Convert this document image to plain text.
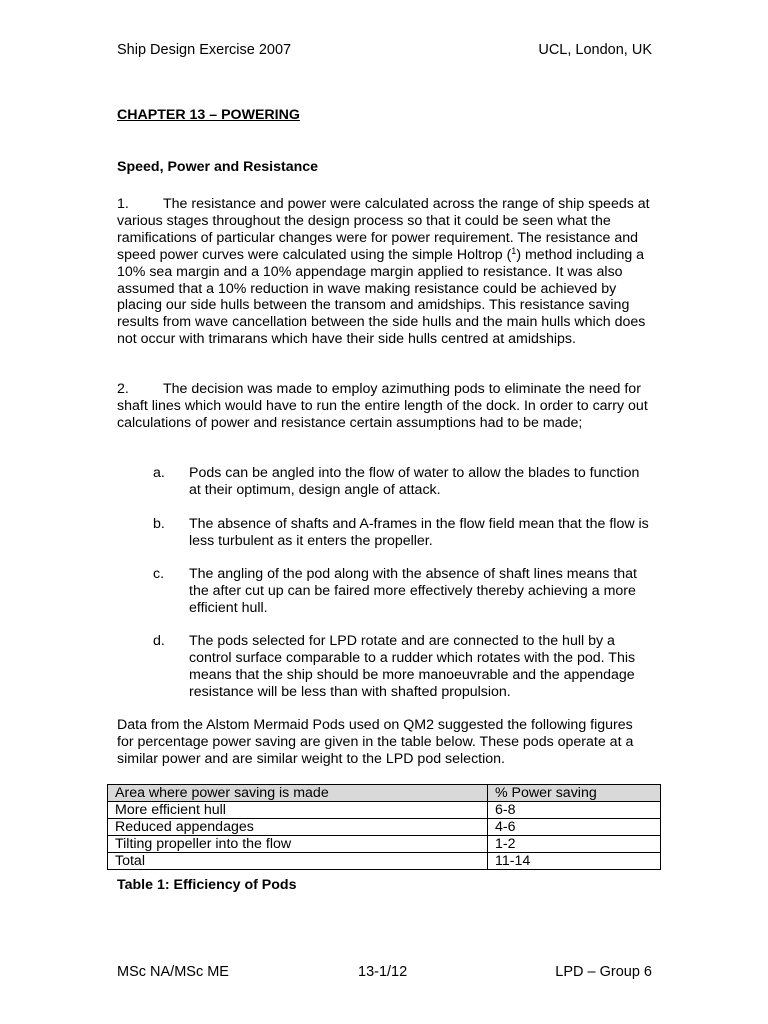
Ship Design Exercise 2007	UCL, London, UK
CHAPTER 13 – POWERING
Speed, Power and Resistance
1. The resistance and power were calculated across the range of ship speeds at various stages throughout the design process so that it could be seen what the ramifications of particular changes were for power requirement. The resistance and speed power curves were calculated using the simple Holtrop ($^1$) method including a 10% sea margin and a 10% appendage margin applied to resistance. It was also assumed that a 10% reduction in wave making resistance could be achieved by placing our side hulls between the transom and amidships. This resistance saving results from wave cancellation between the side hulls and the main hulls which does not occur with trimarans which have their side hulls centred at amidships.
2. The decision was made to employ azimuthing pods to eliminate the need for shaft lines which would have to run the entire length of the dock. In order to carry out calculations of power and resistance certain assumptions had to be made;
a.	Pods can be angled into the flow of water to allow the blades to function at their optimum, design angle of attack.
b.	The absence of shafts and A-frames in the flow field mean that the flow is less turbulent as it enters the propeller.
c.	The angling of the pod along with the absence of shaft lines means that the after cut up can be faired more effectively thereby achieving a more efficient hull.
d.	The pods selected for LPD rotate and are connected to the hull by a control surface comparable to a rudder which rotates with the pod. This means that the ship should be more manoeuvrable and the appendage resistance will be less than with shafted propulsion.
Data from the Alstom Mermaid Pods used on QM2 suggested the following figures for percentage power saving are given in the table below. These pods operate at a similar power and are similar weight to the LPD pod selection.
Area where power saving is made	% Power saving
More efficient hull	6-8
Reduced appendages	4-6
Tilting propeller into the flow	1-2
Total	11-14
Table 1: Efficiency of Pods
MSc NA/MSc ME	13-1/12	LPD – Group 6
